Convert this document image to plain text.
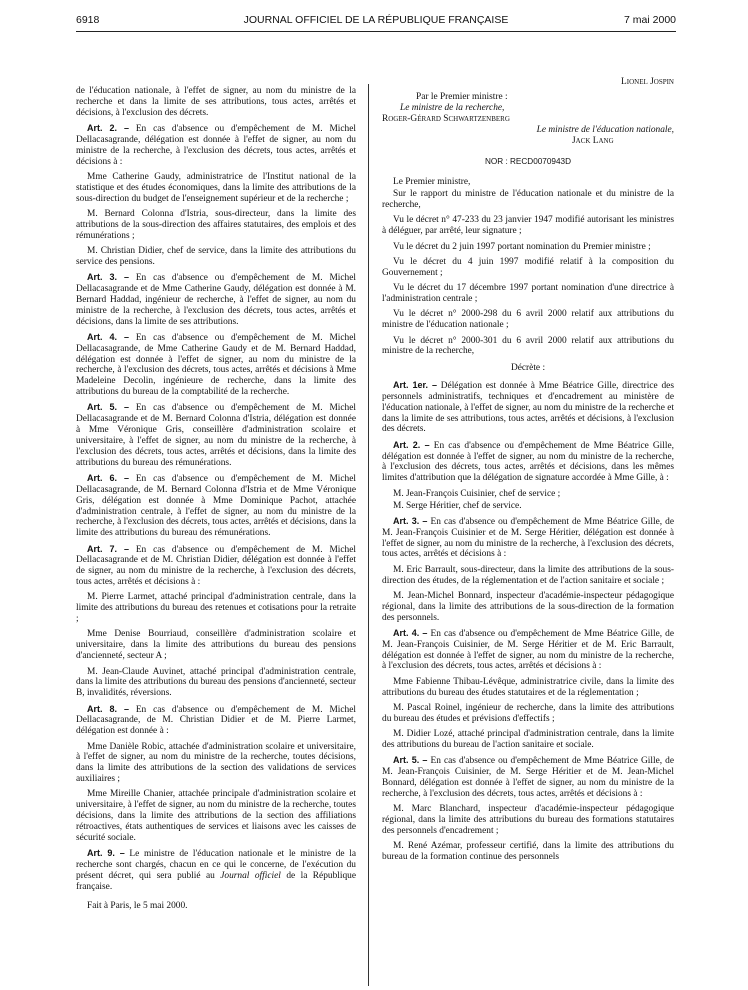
6918	JOURNAL OFFICIEL DE LA RÉPUBLIQUE FRANÇAISE	7 mai 2000

de l'éducation nationale, à l'effet de signer, au nom du ministre de la recherche et dans la limite de ses attributions, tous actes, arrêtés et décisions, à l'exclusion des décrets.

Art. 2. – En cas d'absence ou d'empêchement de M. Michel Dellacasagrande, délégation est donnée à l'effet de signer, au nom du ministre de la recherche, à l'exclusion des décrets, tous actes, arrêtés et décisions à :

Mme Catherine Gaudy, administratrice de l'Institut national de la statistique et des études économiques, dans la limite des attributions de la sous-direction du budget de l'enseignement supérieur et de la recherche ;

M. Bernard Colonna d'Istria, sous-directeur, dans la limite des attributions de la sous-direction des affaires statutaires, des emplois et des rémunérations ;

M. Christian Didier, chef de service, dans la limite des attributions du service des pensions.

Art. 3. – En cas d'absence ou d'empêchement de M. Michel Dellacasagrande et de Mme Catherine Gaudy, délégation est donnée à M. Bernard Haddad, ingénieur de recherche, à l'effet de signer, au nom du ministre de la recherche, à l'exclusion des décrets, tous actes, arrêtés et décisions, dans la limite de ses attributions.

Art. 4. – En cas d'absence ou d'empêchement de M. Michel Dellacasagrande, de Mme Catherine Gaudy et de M. Bernard Haddad, délégation est donnée à l'effet de signer, au nom du ministre de la recherche, à l'exclusion des décrets, tous actes, arrêtés et décisions à Mme Madeleine Decolin, ingénieure de recherche, dans la limite des attributions du bureau de la comptabilité de la recherche.

Art. 5. – En cas d'absence ou d'empêchement de M. Michel Dellacasagrande et de M. Bernard Colonna d'Istria, délégation est donnée à Mme Véronique Gris, conseillère d'administration scolaire et universitaire, à l'effet de signer, au nom du ministre de la recherche, à l'exclusion des décrets, tous actes, arrêtés et décisions, dans la limite des attributions du bureau des rémunérations.

Art. 6. – En cas d'absence ou d'empêchement de M. Michel Dellacasagrande, de M. Bernard Colonna d'Istria et de Mme Véronique Gris, délégation est donnée à Mme Dominique Pachot, attachée d'administration centrale, à l'effet de signer, au nom du ministre de la recherche, à l'exclusion des décrets, tous actes, arrêtés et décisions, dans la limite des attributions du bureau des rémunérations.

Art. 7. – En cas d'absence ou d'empêchement de M. Michel Dellacasagrande et de M. Christian Didier, délégation est donnée à l'effet de signer, au nom du ministre de la recherche, à l'exclusion des décrets, tous actes, arrêtés et décisions à :

M. Pierre Larmet, attaché principal d'administration centrale, dans la limite des attributions du bureau des retenues et cotisations pour la retraite ;

Mme Denise Bourriaud, conseillère d'administration scolaire et universitaire, dans la limite des attributions du bureau des pensions d'ancienneté, secteur A ;

M. Jean-Claude Auvinet, attaché principal d'administration centrale, dans la limite des attributions du bureau des pensions d'ancienneté, secteur B, invalidités, réversions.

Art. 8. – En cas d'absence ou d'empêchement de M. Michel Dellacasagrande, de M. Christian Didier et de M. Pierre Larmet, délégation est donnée à :

Mme Danièle Robic, attachée d'administration scolaire et universitaire, à l'effet de signer, au nom du ministre de la recherche, toutes décisions, dans la limite des attributions de la section des validations de services auxiliaires ;

Mme Mireille Chanier, attachée principale d'administration scolaire et universitaire, à l'effet de signer, au nom du ministre de la recherche, toutes décisions, dans la limite des attributions de la section des affiliations rétroactives, états authentiques de services et liaisons avec les caisses de sécurité sociale.

Art. 9. – Le ministre de l'éducation nationale et le ministre de la recherche sont chargés, chacun en ce qui le concerne, de l'exécution du présent décret, qui sera publié au Journal officiel de la République française.

Fait à Paris, le 5 mai 2000.

Lionel Jospin

Par le Premier ministre :
Le ministre de la recherche,
Roger-Gérard Schwartzenberg
Le ministre de l'éducation nationale,
Jack Lang

NOR : RECD0070943D

Le Premier ministre,

Sur le rapport du ministre de l'éducation nationale et du ministre de la recherche,

Vu le décret n° 47-233 du 23 janvier 1947 modifié autorisant les ministres à déléguer, par arrêté, leur signature ;

Vu le décret du 2 juin 1997 portant nomination du Premier ministre ;

Vu le décret du 4 juin 1997 modifié relatif à la composition du Gouvernement ;

Vu le décret du 17 décembre 1997 portant nomination d'une directrice à l'administration centrale ;

Vu le décret n° 2000-298 du 6 avril 2000 relatif aux attributions du ministre de l'éducation nationale ;

Vu le décret n° 2000-301 du 6 avril 2000 relatif aux attributions du ministre de la recherche,

Décrète :

Art. 1er. – Délégation est donnée à Mme Béatrice Gille, directrice des personnels administratifs, techniques et d'encadrement au ministère de l'éducation nationale, à l'effet de signer, au nom du ministre de la recherche et dans la limite de ses attributions, tous actes, arrêtés et décisions, à l'exclusion des décrets.

Art. 2. – En cas d'absence ou d'empêchement de Mme Béatrice Gille, délégation est donnée à l'effet de signer, au nom du ministre de la recherche, à l'exclusion des décrets, tous actes, arrêtés et décisions, dans les mêmes limites d'attribution que la délégation de signature accordée à Mme Gille, à :

M. Jean-François Cuisinier, chef de service ;

M. Serge Héritier, chef de service.

Art. 3. – En cas d'absence ou d'empêchement de Mme Béatrice Gille, de M. Jean-François Cuisinier et de M. Serge Héritier, délégation est donnée à l'effet de signer, au nom du ministre de la recherche, à l'exclusion des décrets, tous actes, arrêtés et décisions à :

M. Eric Barrault, sous-directeur, dans la limite des attributions de la sous-direction des études, de la réglementation et de l'action sanitaire et sociale ;

M. Jean-Michel Bonnard, inspecteur d'académie-inspecteur pédagogique régional, dans la limite des attributions de la sous-direction de la formation des personnels.

Art. 4. – En cas d'absence ou d'empêchement de Mme Béatrice Gille, de M. Jean-François Cuisinier, de M. Serge Héritier et de M. Eric Barrault, délégation est donnée à l'effet de signer, au nom du ministre de la recherche, à l'exclusion des décrets, tous actes, arrêtés et décisions à :

Mme Fabienne Thibau-Lévêque, administratrice civile, dans la limite des attributions du bureau des études statutaires et de la réglementation ;

M. Pascal Roinel, ingénieur de recherche, dans la limite des attributions du bureau des études et prévisions d'effectifs ;

M. Didier Lozé, attaché principal d'administration centrale, dans la limite des attributions du bureau de l'action sanitaire et sociale.

Art. 5. – En cas d'absence ou d'empêchement de Mme Béatrice Gille, de M. Jean-François Cuisinier, de M. Serge Héritier et de M. Jean-Michel Bonnard, délégation est donnée à l'effet de signer, au nom du ministre de la recherche, à l'exclusion des décrets, tous actes, arrêtés et décisions à :

M. Marc Blanchard, inspecteur d'académie-inspecteur pédagogique régional, dans la limite des attributions du bureau des formations statutaires des personnels d'encadrement ;

M. René Azémar, professeur certifié, dans la limite des attributions du bureau de la formation continue des personnels
